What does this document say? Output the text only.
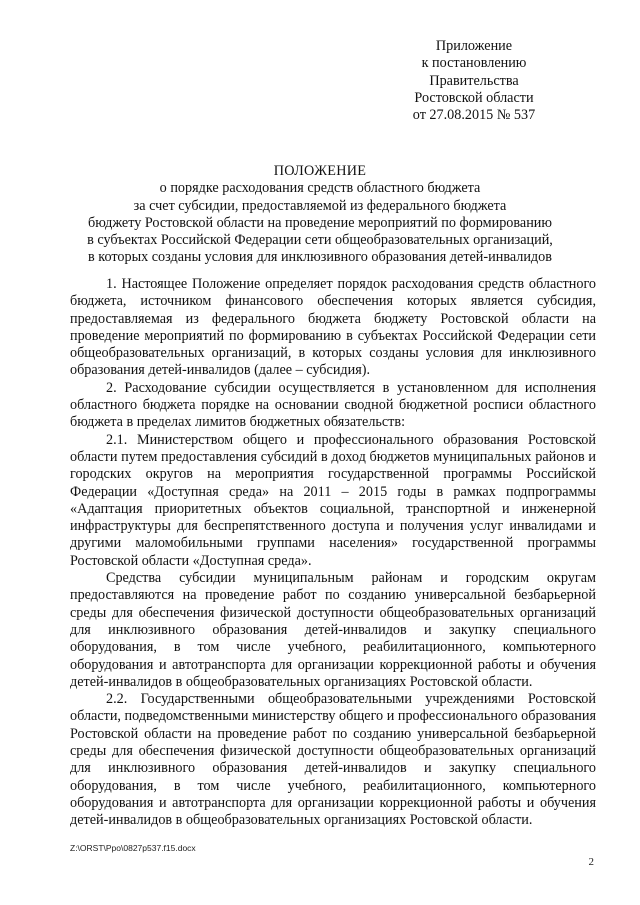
Приложение
к постановлению
Правительства
Ростовской области
от 27.08.2015 № 537
ПОЛОЖЕНИЕ
о порядке расходования средств областного бюджета
за счет субсидии, предоставляемой из федерального бюджета
бюджету Ростовской области на проведение мероприятий по формированию
в субъектах Российской Федерации сети общеобразовательных организаций,
в которых созданы условия для инклюзивного образования детей-инвалидов

1. Настоящее Положение определяет порядок расходования средств областного бюджета, источником финансового обеспечения которых является субсидия, предоставляемая из федерального бюджета бюджету Ростовской области на проведение мероприятий по формированию в субъектах Российской Федерации сети общеобразовательных организаций, в которых созданы условия для инклюзивного образования детей-инвалидов (далее – субсидия).

2. Расходование субсидии осуществляется в установленном для исполнения областного бюджета порядке на основании сводной бюджетной росписи областного бюджета в пределах лимитов бюджетных обязательств:

2.1. Министерством общего и профессионального образования Ростовской области путем предоставления субсидий в доход бюджетов муниципальных районов и городских округов на мероприятия государственной программы Российской Федерации «Доступная среда» на 2011 – 2015 годы в рамках подпрограммы «Адаптация приоритетных объектов социальной, транспортной и инженерной инфраструктуры для беспрепятственного доступа и получения услуг инвалидами и другими маломобильными группами населения» государственной программы Ростовской области «Доступная среда».

Средства субсидии муниципальным районам и городским округам предоставляются на проведение работ по созданию универсальной безбарьерной среды для обеспечения физической доступности общеобразовательных организаций для инклюзивного образования детей-инвалидов и закупку специального оборудования, в том числе учебного, реабилитационного, компьютерного оборудования и автотранспорта для организации коррекционной работы и обучения детей-инвалидов в общеобразовательных организациях Ростовской области.

2.2. Государственными общеобразовательными учреждениями Ростовской области, подведомственными министерству общего и профессионального образования Ростовской области на проведение работ по созданию универсальной безбарьерной среды для обеспечения физической доступности общеобразовательных организаций для инклюзивного образования детей-инвалидов и закупку специального оборудования, в том числе учебного, реабилитационного, компьютерного оборудования и автотранспорта для организации коррекционной работы и обучения детей-инвалидов в общеобразовательных организациях Ростовской области.

Z:\ORST\Ppo\0827p537.f15.docx
2
